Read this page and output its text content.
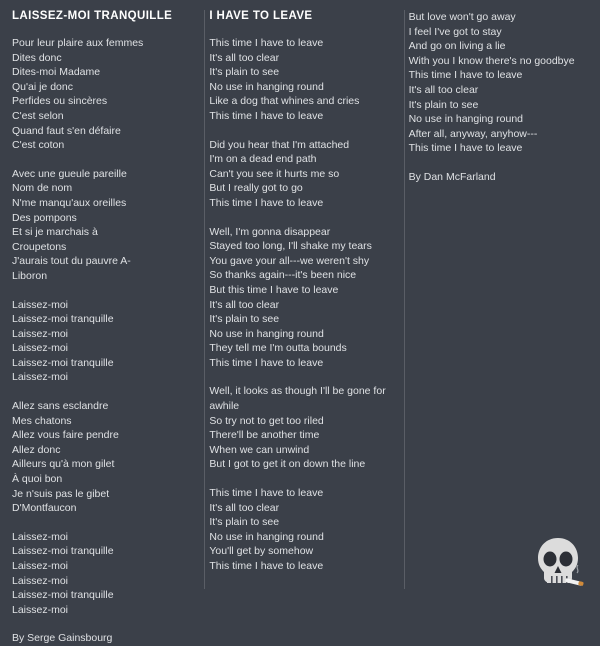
LAISSEZ-MOI TRANQUILLE
Pour leur plaire aux femmes
Dites donc
Dites-moi Madame
Qu'ai je donc
Perfides ou sincères
C'est selon
Quand faut s'en défaire
C'est coton
Avec une gueule pareille
Nom de nom
N'me manqu'aux oreilles
Des pompons
Et si je marchais à
Croupetons
J'aurais tout du pauvre A-
Liboron
Laissez-moi
Laissez-moi tranquille
Laissez-moi
Laissez-moi
Laissez-moi tranquille
Laissez-moi
Allez sans esclandre
Mes chatons
Allez vous faire pendre
Allez donc
Ailleurs qu'à mon gilet
À quoi bon
Je n'suis pas le gibet
D'Montfaucon
Laissez-moi
Laissez-moi tranquille
Laissez-moi
Laissez-moi
Laissez-moi tranquille
Laissez-moi
By Serge Gainsbourg
I HAVE TO LEAVE
This time I have to leave
It's all too clear
It's plain to see
No use in hanging round
Like a dog that whines and cries
This time I have to leave
Did you hear that I'm attached
I'm on a dead end path
Can't you see it hurts me so
But I really got to go
This time I have to leave
Well, I'm gonna disappear
Stayed too long, I'll shake my tears
You gave your all---we weren't shy
So thanks again---it's been nice
But this time I have to leave
It's all too clear
It's plain to see
No use in hanging round
They tell me I'm outta bounds
This time I have to leave
Well, it looks as though I'll be gone for awhile
So try not to get too riled
There'll be another time
When we can unwind
But I got to get it on down the line
This time I have to leave
It's all too clear
It's plain to see
No use in hanging round
You'll get by somehow
This time I have to leave
But love won't go away
I feel I've got to stay
And go on living a lie
With you I know there's no goodbye
This time I have to leave
It's all too clear
It's plain to see
No use in hanging round
After all, anyway, anyhow---
This time I have to leave
By Dan McFarland
